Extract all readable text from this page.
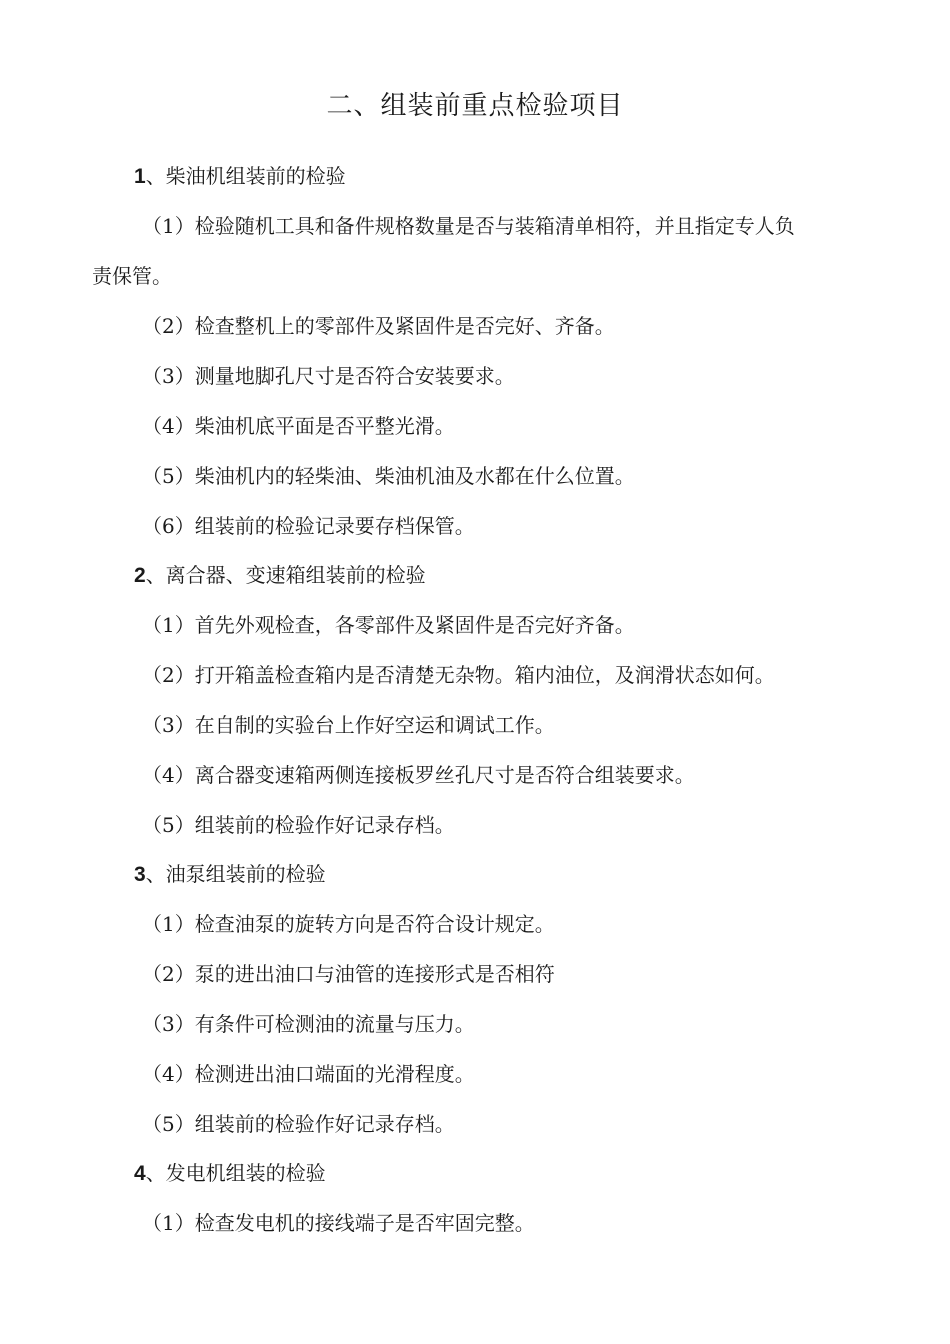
二、组装前重点检验项目
1、柴油机组装前的检验
（1）检验随机工具和备件规格数量是否与装箱清单相符，并且指定专人负
责保管。
（2）检查整机上的零部件及紧固件是否完好、齐备。
（3）测量地脚孔尺寸是否符合安装要求。
（4）柴油机底平面是否平整光滑。
（5）柴油机内的轻柴油、柴油机油及水都在什么位置。
（6）组装前的检验记录要存档保管。
2、离合器、变速箱组装前的检验
（1）首先外观检查，各零部件及紧固件是否完好齐备。
（2）打开箱盖检查箱内是否清楚无杂物。箱内油位，及润滑状态如何。
（3）在自制的实验台上作好空运和调试工作。
（4）离合器变速箱两侧连接板罗丝孔尺寸是否符合组装要求。
（5）组装前的检验作好记录存档。
3、油泵组装前的检验
（1）检查油泵的旋转方向是否符合设计规定。
（2）泵的进出油口与油管的连接形式是否相符
（3）有条件可检测油的流量与压力。
（4）检测进出油口端面的光滑程度。
（5）组装前的检验作好记录存档。
4、发电机组装的检验
（1）检查发电机的接线端子是否牢固完整。
